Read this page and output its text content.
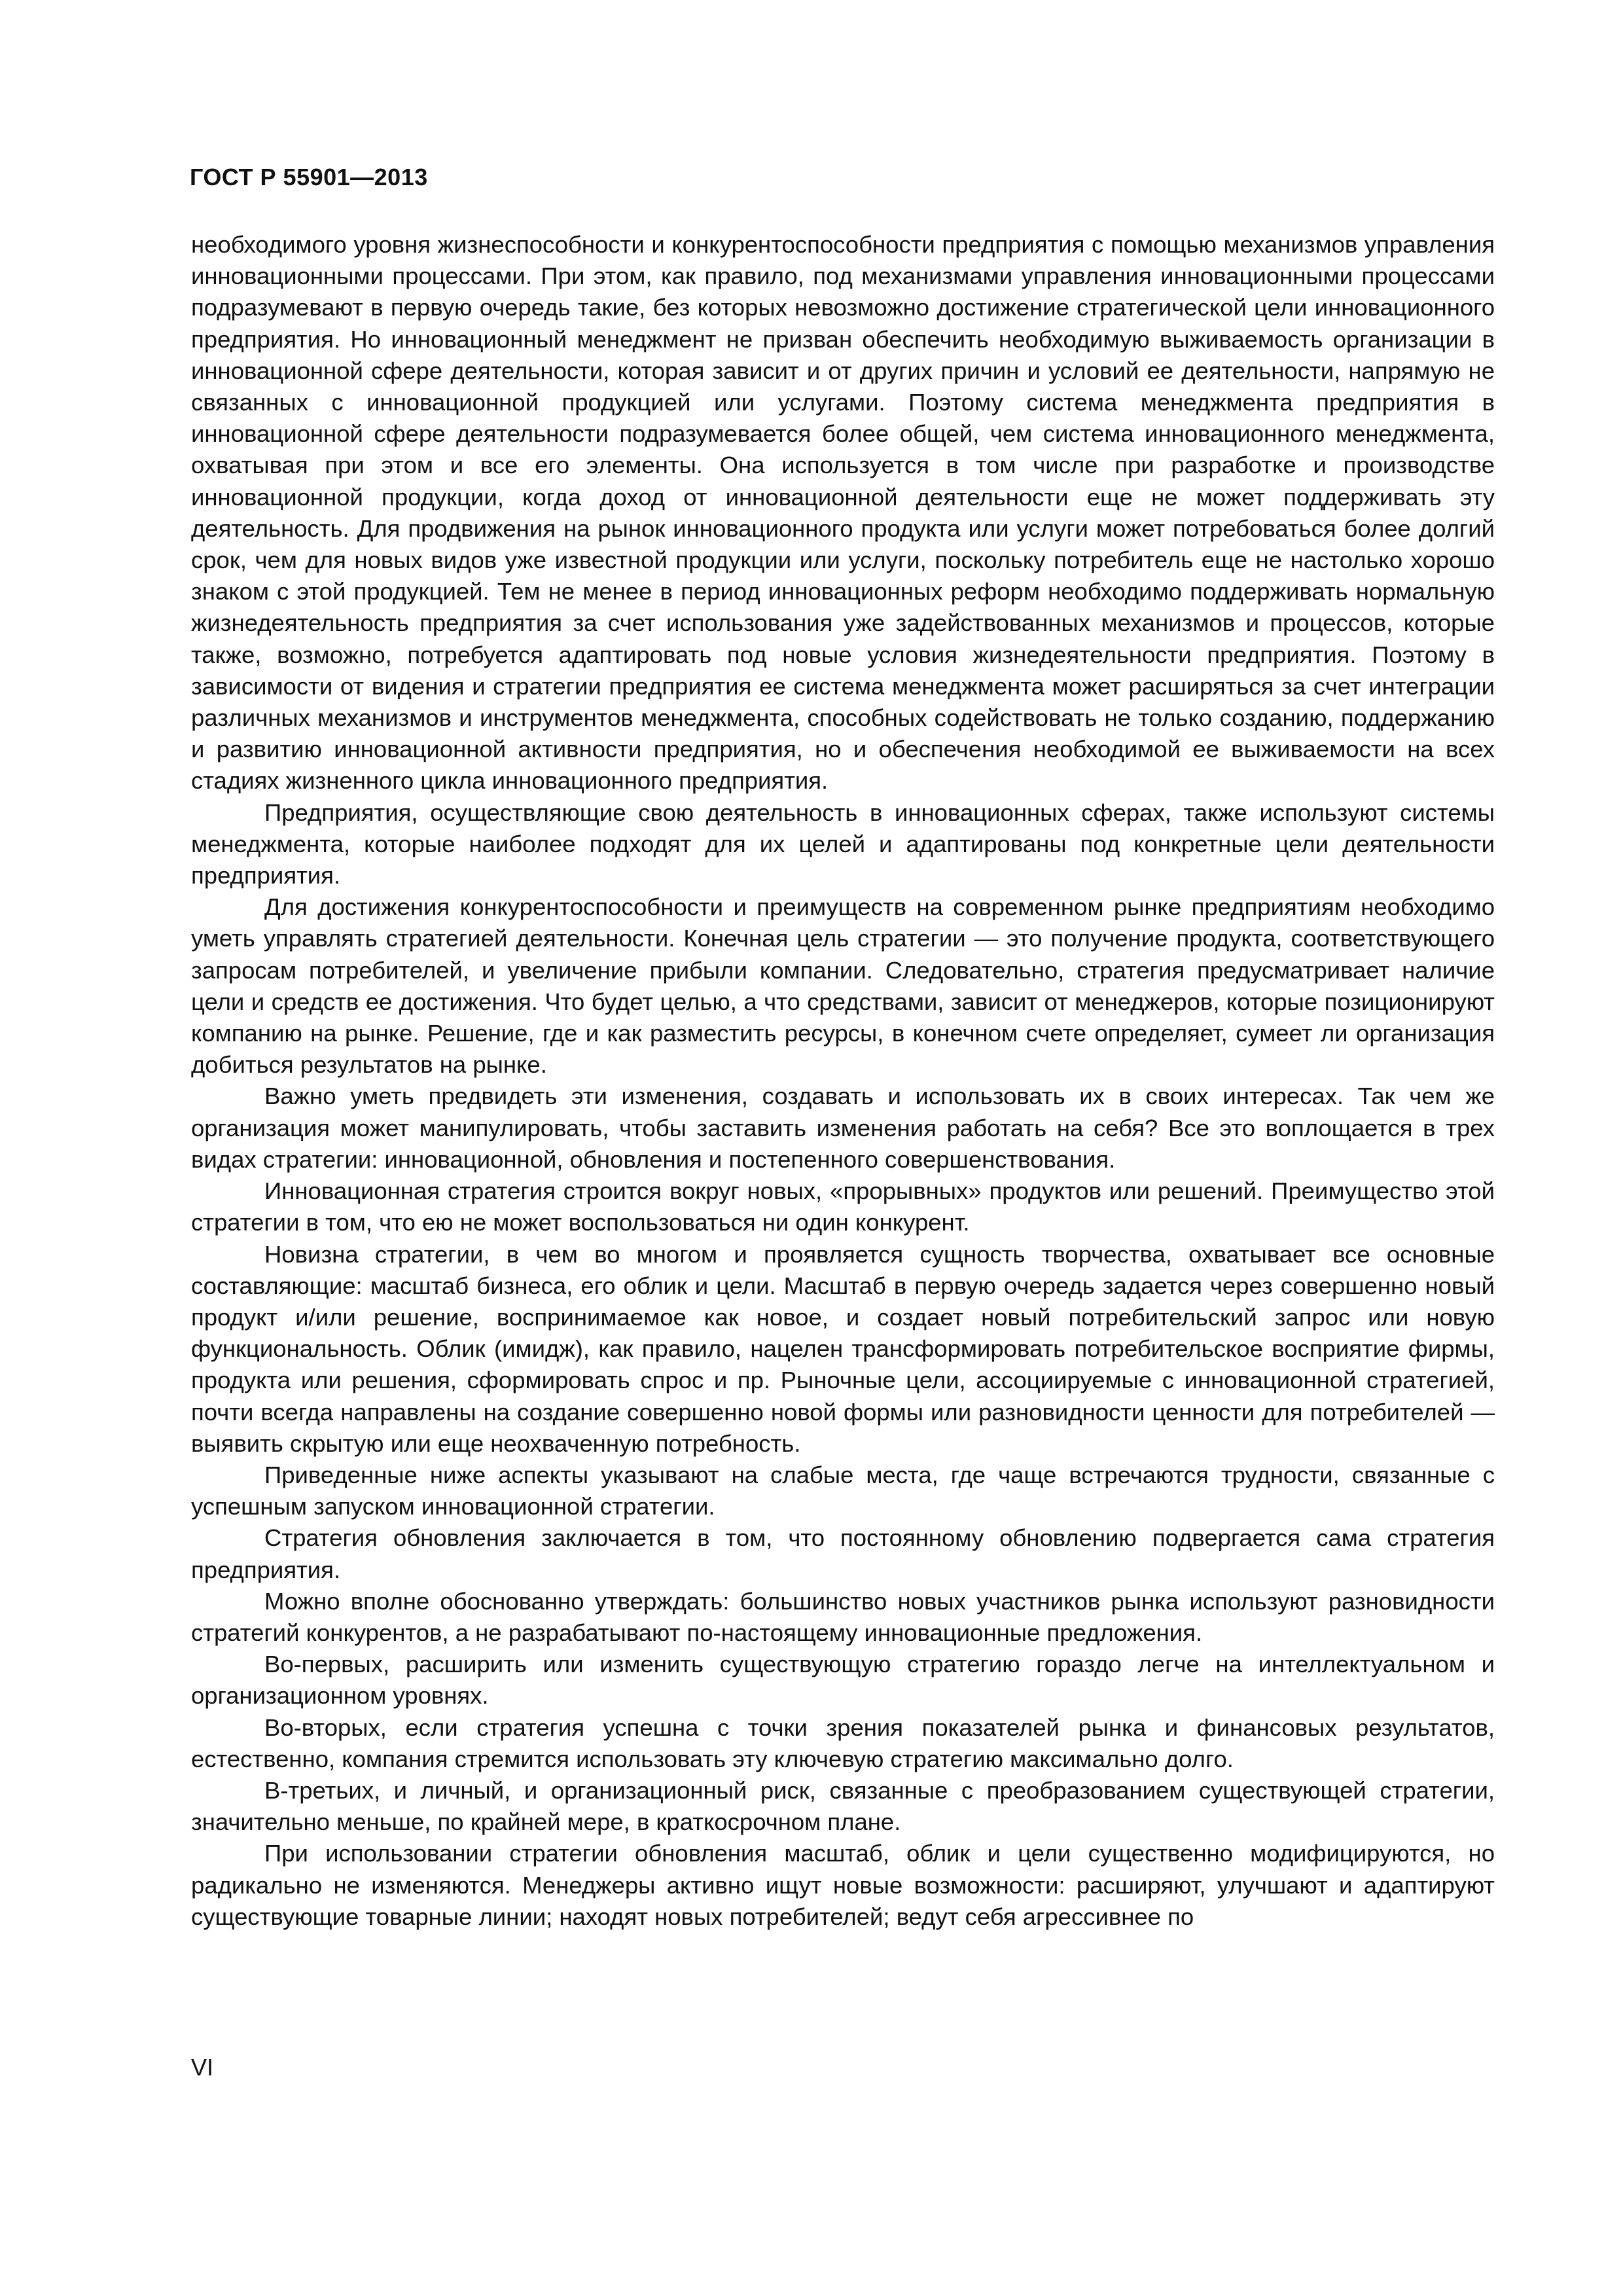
ГОСТ Р 55901—2013

необходимого уровня жизнеспособности и конкурентоспособности предприятия с помощью механизмов управления инновационными процессами. При этом, как правило, под механизмами управления инновационными процессами подразумевают в первую очередь такие, без которых невозможно достижение стратегической цели инновационного предприятия. Но инновационный менеджмент не призван обеспечить необходимую выживаемость организации в инновационной сфере деятельности, которая зависит и от других причин и условий ее деятельности, напрямую не связанных с инновационной продукцией или услугами. Поэтому система менеджмента предприятия в инновационной сфере деятельности подразумевается более общей, чем система инновационного менеджмента, охватывая при этом и все его элементы. Она используется в том числе при разработке и производстве инновационной продукции, когда доход от инновационной деятельности еще не может поддерживать эту деятельность. Для продвижения на рынок инновационного продукта или услуги может потребоваться более долгий срок, чем для новых видов уже известной продукции или услуги, поскольку потребитель еще не настолько хорошо знаком с этой продукцией. Тем не менее в период инновационных реформ необходимо поддерживать нормальную жизнедеятельность предприятия за счет использования уже задействованных механизмов и процессов, которые также, возможно, потребуется адаптировать под новые условия жизнедеятельности предприятия. Поэтому в зависимости от видения и стратегии предприятия ее система менеджмента может расширяться за счет интеграции различных механизмов и инструментов менеджмента, способных содействовать не только созданию, поддержанию и развитию инновационной активности предприятия, но и обеспечения необходимой ее выживаемости на всех стадиях жизненного цикла инновационного предприятия.

Предприятия, осуществляющие свою деятельность в инновационных сферах, также используют системы менеджмента, которые наиболее подходят для их целей и адаптированы под конкретные цели деятельности предприятия.

Для достижения конкурентоспособности и преимуществ на современном рынке предприятиям необходимо уметь управлять стратегией деятельности. Конечная цель стратегии — это получение продукта, соответствующего запросам потребителей, и увеличение прибыли компании. Следовательно, стратегия предусматривает наличие цели и средств ее достижения. Что будет целью, а что средствами, зависит от менеджеров, которые позиционируют компанию на рынке. Решение, где и как разместить ресурсы, в конечном счете определяет, сумеет ли организация добиться результатов на рынке.

Важно уметь предвидеть эти изменения, создавать и использовать их в своих интересах. Так чем же организация может манипулировать, чтобы заставить изменения работать на себя? Все это воплощается в трех видах стратегии: инновационной, обновления и постепенного совершенствования.

Инновационная стратегия строится вокруг новых, «прорывных» продуктов или решений. Преимущество этой стратегии в том, что ею не может воспользоваться ни один конкурент.

Новизна стратегии, в чем во многом и проявляется сущность творчества, охватывает все основные составляющие: масштаб бизнеса, его облик и цели. Масштаб в первую очередь задается через совершенно новый продукт и/или решение, воспринимаемое как новое, и создает новый потребительский запрос или новую функциональность. Облик (имидж), как правило, нацелен трансформировать потребительское восприятие фирмы, продукта или решения, сформировать спрос и пр. Рыночные цели, ассоциируемые с инновационной стратегией, почти всегда направлены на создание совершенно новой формы или разновидности ценности для потребителей — выявить скрытую или еще неохваченную потребность.

Приведенные ниже аспекты указывают на слабые места, где чаще встречаются трудности, связанные с успешным запуском инновационной стратегии.

Стратегия обновления заключается в том, что постоянному обновлению подвергается сама стратегия предприятия.

Можно вполне обоснованно утверждать: большинство новых участников рынка используют разновидности стратегий конкурентов, а не разрабатывают по-настоящему инновационные предложения.

Во-первых, расширить или изменить существующую стратегию гораздо легче на интеллектуальном и организационном уровнях.

Во-вторых, если стратегия успешна с точки зрения показателей рынка и финансовых результатов, естественно, компания стремится использовать эту ключевую стратегию максимально долго.

В-третьих, и личный, и организационный риск, связанные с преобразованием существующей стратегии, значительно меньше, по крайней мере, в краткосрочном плане.

При использовании стратегии обновления масштаб, облик и цели существенно модифицируются, но радикально не изменяются. Менеджеры активно ищут новые возможности: расширяют, улучшают и адаптируют существующие товарные линии; находят новых потребителей; ведут себя агрессивнее по

VI
